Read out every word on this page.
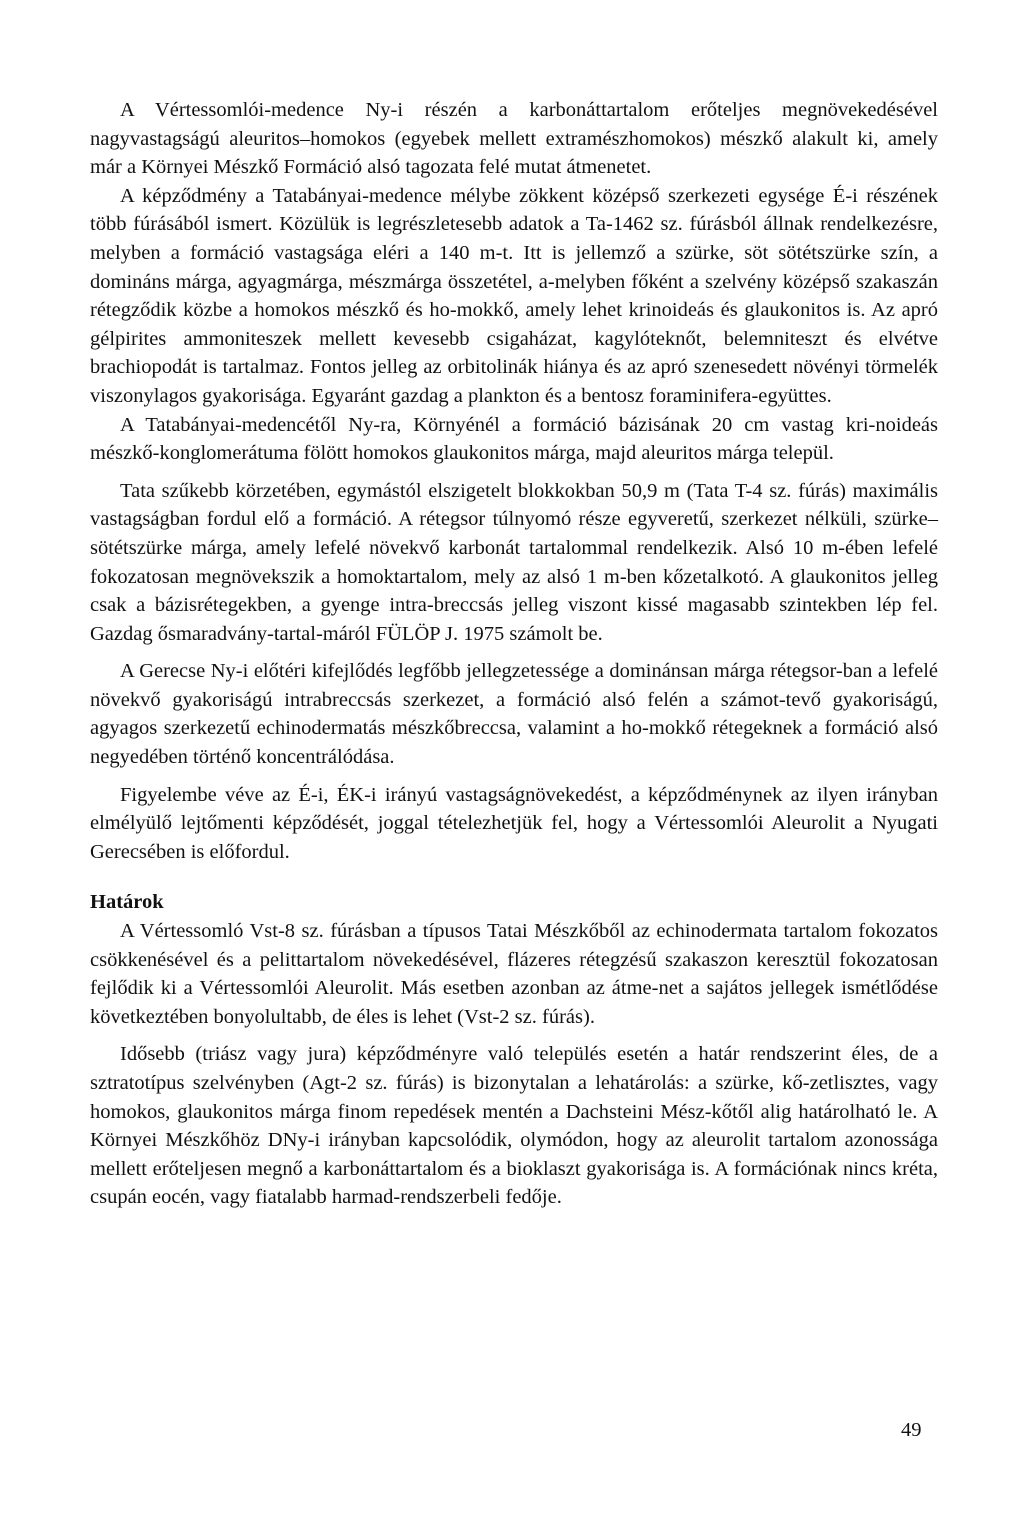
A Vértessomlói-medence Ny-i részén a karbonáttartalom erőteljes megnövekedésével nagyvastagságú aleuritos–homokos (egyebek mellett extramészhomokos) mészkő alakult ki, amely már a Környei Mészkő Formáció alsó tagozata felé mutat átmenetet.

A képződmény a Tatabányai-medence mélybe zökkent középső szerkezeti egysége É-i részének több fúrásából ismert. Közülük is legrészletesebb adatok a Ta-1462 sz. fúrásból állnak rendelkezésre, melyben a formáció vastagsága eléri a 140 m-t. Itt is jellemző a szürke, söt sötétszürke szín, a domináns márga, agyagmárga, mészmárga összetétel, a-melyben főként a szelvény középső szakaszán rétegződik közbe a homokos mészkő és ho-mokkő, amely lehet krinoideás és glaukonitos is. Az apró gélpirites ammoniteszek mellett kevesebb csigaházat, kagylóteknőt, belemniteszt és elvétve brachiopodát is tartalmaz. Fontos jelleg az orbitolinák hiánya és az apró szenesedett növényi törmelék viszonylagos gyakorisága. Egyaránt gazdag a plankton és a bentosz foraminifera-együttes.

A Tatabányai-medencétől Ny-ra, Környénél a formáció bázisának 20 cm vastag kri-noideás mészkő-konglomerátuma fölött homokos glaukonitos márga, majd aleuritos márga települ.

Tata szűkebb körzetében, egymástól elszigetelt blokkokban 50,9 m (Tata T-4 sz. fúrás) maximális vastagságban fordul elő a formáció. A rétegsor túlnyomó része egyveretű, szerkezet nélküli, szürke–sötétszürke márga, amely lefelé növekvő karbonát tartalommal rendelkezik. Alsó 10 m-ében lefelé fokozatosan megnövekszik a homoktartalom, mely az alsó 1 m-ben kőzetalkotó. A glaukonitos jelleg csak a bázisrétegekben, a gyenge intra-breccsás jelleg viszont kissé magasabb szintekben lép fel. Gazdag ősmaradvány-tartal-máról FÜLÖP J. 1975 számolt be.

A Gerecse Ny-i előtéri kifejlődés legfőbb jellegzetessége a dominánsan márga rétegsor-ban a lefelé növekvő gyakoriságú intrabreccsás szerkezet, a formáció alsó felén a számot-tevő gyakoriságú, agyagos szerkezetű echinodermatás mészkőbreccsa, valamint a ho-mokkő rétegeknek a formáció alsó negyedében történő koncentrálódása.

Figyelembe véve az É-i, ÉK-i irányú vastagságnövekedést, a képződménynek az ilyen irányban elmélyülő lejtőmenti képződését, joggal tételezhetjük fel, hogy a Vértessomlói Aleurolit a Nyugati Gerecsében is előfordul.

Határok

A Vértessomló Vst-8 sz. fúrásban a típusos Tatai Mészkőből az echinodermata tartalom fokozatos csökkenésével és a pelittartalom növekedésével, flázeres rétegzésű szakaszon keresztül fokozatosan fejlődik ki a Vértessomlói Aleurolit. Más esetben azonban az átme-net a sajátos jellegek ismétlődése következtében bonyolultabb, de éles is lehet (Vst-2 sz. fúrás).

Idősebb (triász vagy jura) képződményre való település esetén a határ rendszerint éles, de a sztratotípus szelvényben (Agt-2 sz. fúrás) is bizonytalan a lehatárolás: a szürke, kő-zetlisztes, vagy homokos, glaukonitos márga finom repedések mentén a Dachsteini Mész-kőtől alig határolható le. A Környei Mészkőhöz DNy-i irányban kapcsolódik, olymódon, hogy az aleurolit tartalom azonossága mellett erőteljesen megnő a karbonáttartalom és a bioklaszt gyakorisága is. A formációnak nincs kréta, csupán eocén, vagy fiatalabb harmad-rendszerbeli fedője.

49
